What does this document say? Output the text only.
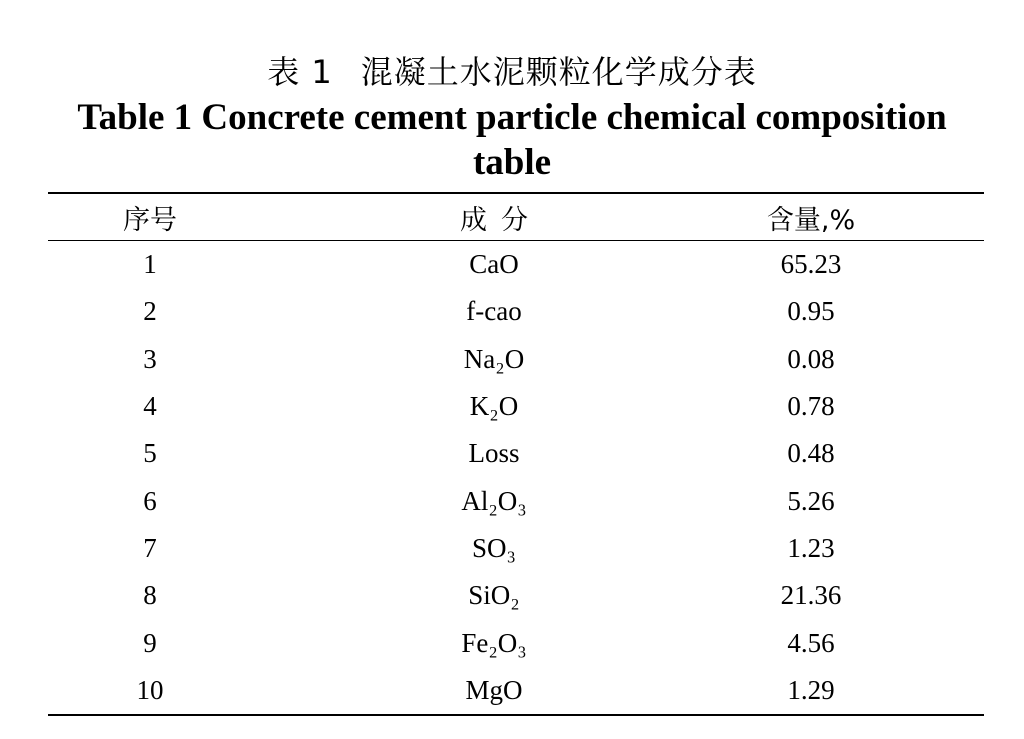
表 1 混凝土水泥颗粒化学成分表
Table 1 Concrete cement particle chemical composition
table
序号	成分	含量,%
1	CaO	65.23
2	f-cao	0.95
3	Na₂O	0.08
4	K₂O	0.78
5	Loss	0.48
6	Al₂O₃	5.26
7	SO₃	1.23
8	SiO₂	21.36
9	Fe₂O₃	4.56
10	MgO	1.29
